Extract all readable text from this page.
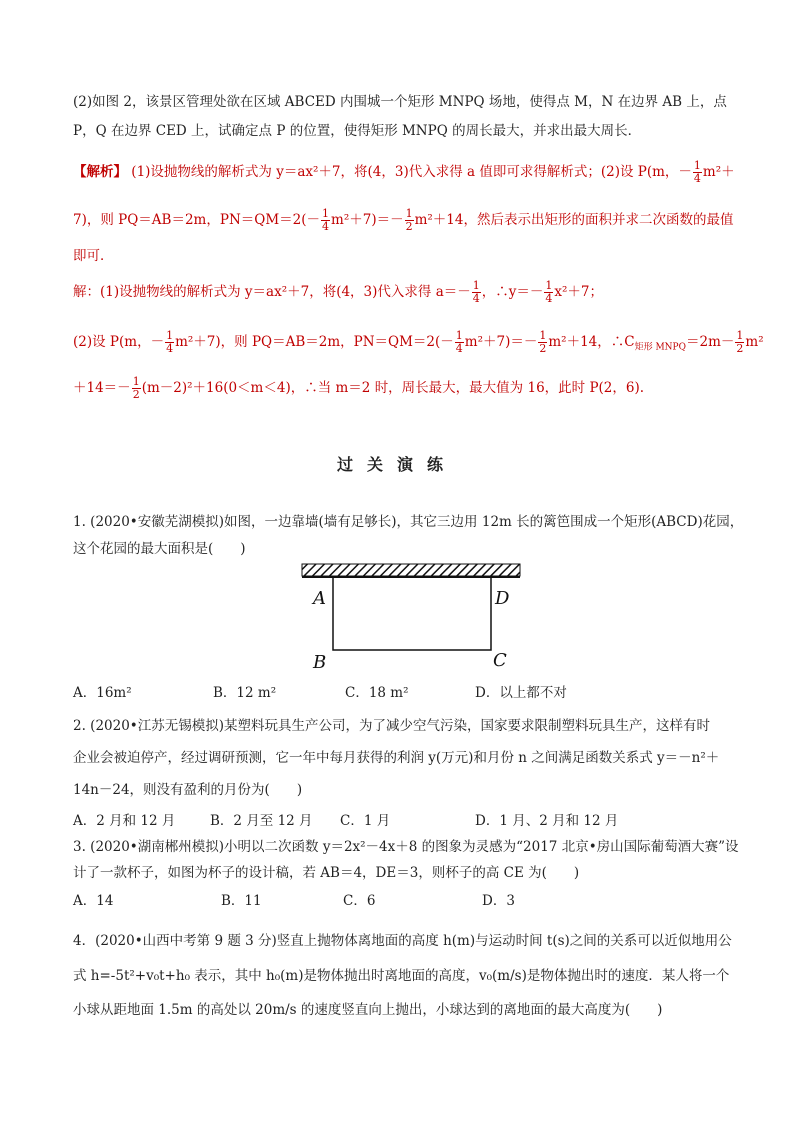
(2)如图 2，该景区管理处欲在区域 ABCED 内围城一个矩形 MNPQ 场地，使得点 M，N 在边界 AB 上，点
P，Q 在边界 CED 上，试确定点 P 的位置，使得矩形 MNPQ 的周长最大，并求出最大周长．
【解析】 (1)设抛物线的解析式为 y＝ax²＋7，将(4，3)代入求得 a 值即可求得解析式；(2)设 P(m，－ $\frac{1}{4} m^2+$
7)，则 PQ＝AB＝2m，$PN=QM=2(- \frac{1}{4} m^2+7)=- \frac{1}{2} m^2+14$，然后表示出矩形的面积并求二次函数的最值
即可．
解：(1)设抛物线的解析式为 y＝ax²＋7，将(4，3)代入求得 $a=- \frac{1}{4}$ ，∴y＝－ $\frac{1}{4} x^2+7$；
(2)设 P(m，－ $\frac{1}{4} m^2+7$)，则 PQ＝AB＝2m，$PN=QM=2(- \frac{1}{4} m^2+7)=- \frac{1}{2} m^2+14$，$\therefore C_{矩形 MNPQ}=2m- \frac{1}{2} m^2$
$+14=- \frac{1}{2} (m-2)^2+16(0<m<4)$，∴当 m＝2 时，周长最大，最大值为 16，此时 P(2，6).
过关演练
1. (2020•安徽芜湖模拟)如图，一边靠墙(墙有足够长)，其它三边用 12m 长的篱笆围成一个矩形(ABCD)花园，
这个花园的最大面积是(　　)
A	D
B	C
A．16m²	B．12 m²	C．18 m²	D．以上都不对
2. (2020•江苏无锡模拟)某塑料玩具生产公司，为了减少空气污染，国家要求限制塑料玩具生产，这样有时
企业会被迫停产，经过调研预测，它一年中每月获得的利润 y(万元)和月份 n 之间满足函数关系式 y＝－n²＋
14n－24，则没有盈利的月份为(　　)
A．2 月和 12 月	B．2 月至 12 月	C．1 月	D．1 月、2 月和 12 月
3. (2020•湖南郴州模拟)小明以二次函数 y＝2x²－4x＋8 的图象为灵感为“2017 北京•房山国际葡萄酒大赛”设
计了一款杯子，如图为杯子的设计稿，若 AB＝4，DE＝3，则杯子的高 CE 为(　　)
A．14	B．11	C．6	D．3
4．(2020•山西中考第 9 题 3 分)竖直上抛物体离地面的高度 h(m)与运动时间 t(s)之间的关系可以近似地用公
式 h=-5t²+v₀t+h₀ 表示，其中 h₀(m)是物体抛出时离地面的高度，v₀(m/s)是物体抛出时的速度．某人将一个
小球从距地面 1.5m 的高处以 20m/s 的速度竖直向上抛出，小球达到的离地面的最大高度为(　　)
